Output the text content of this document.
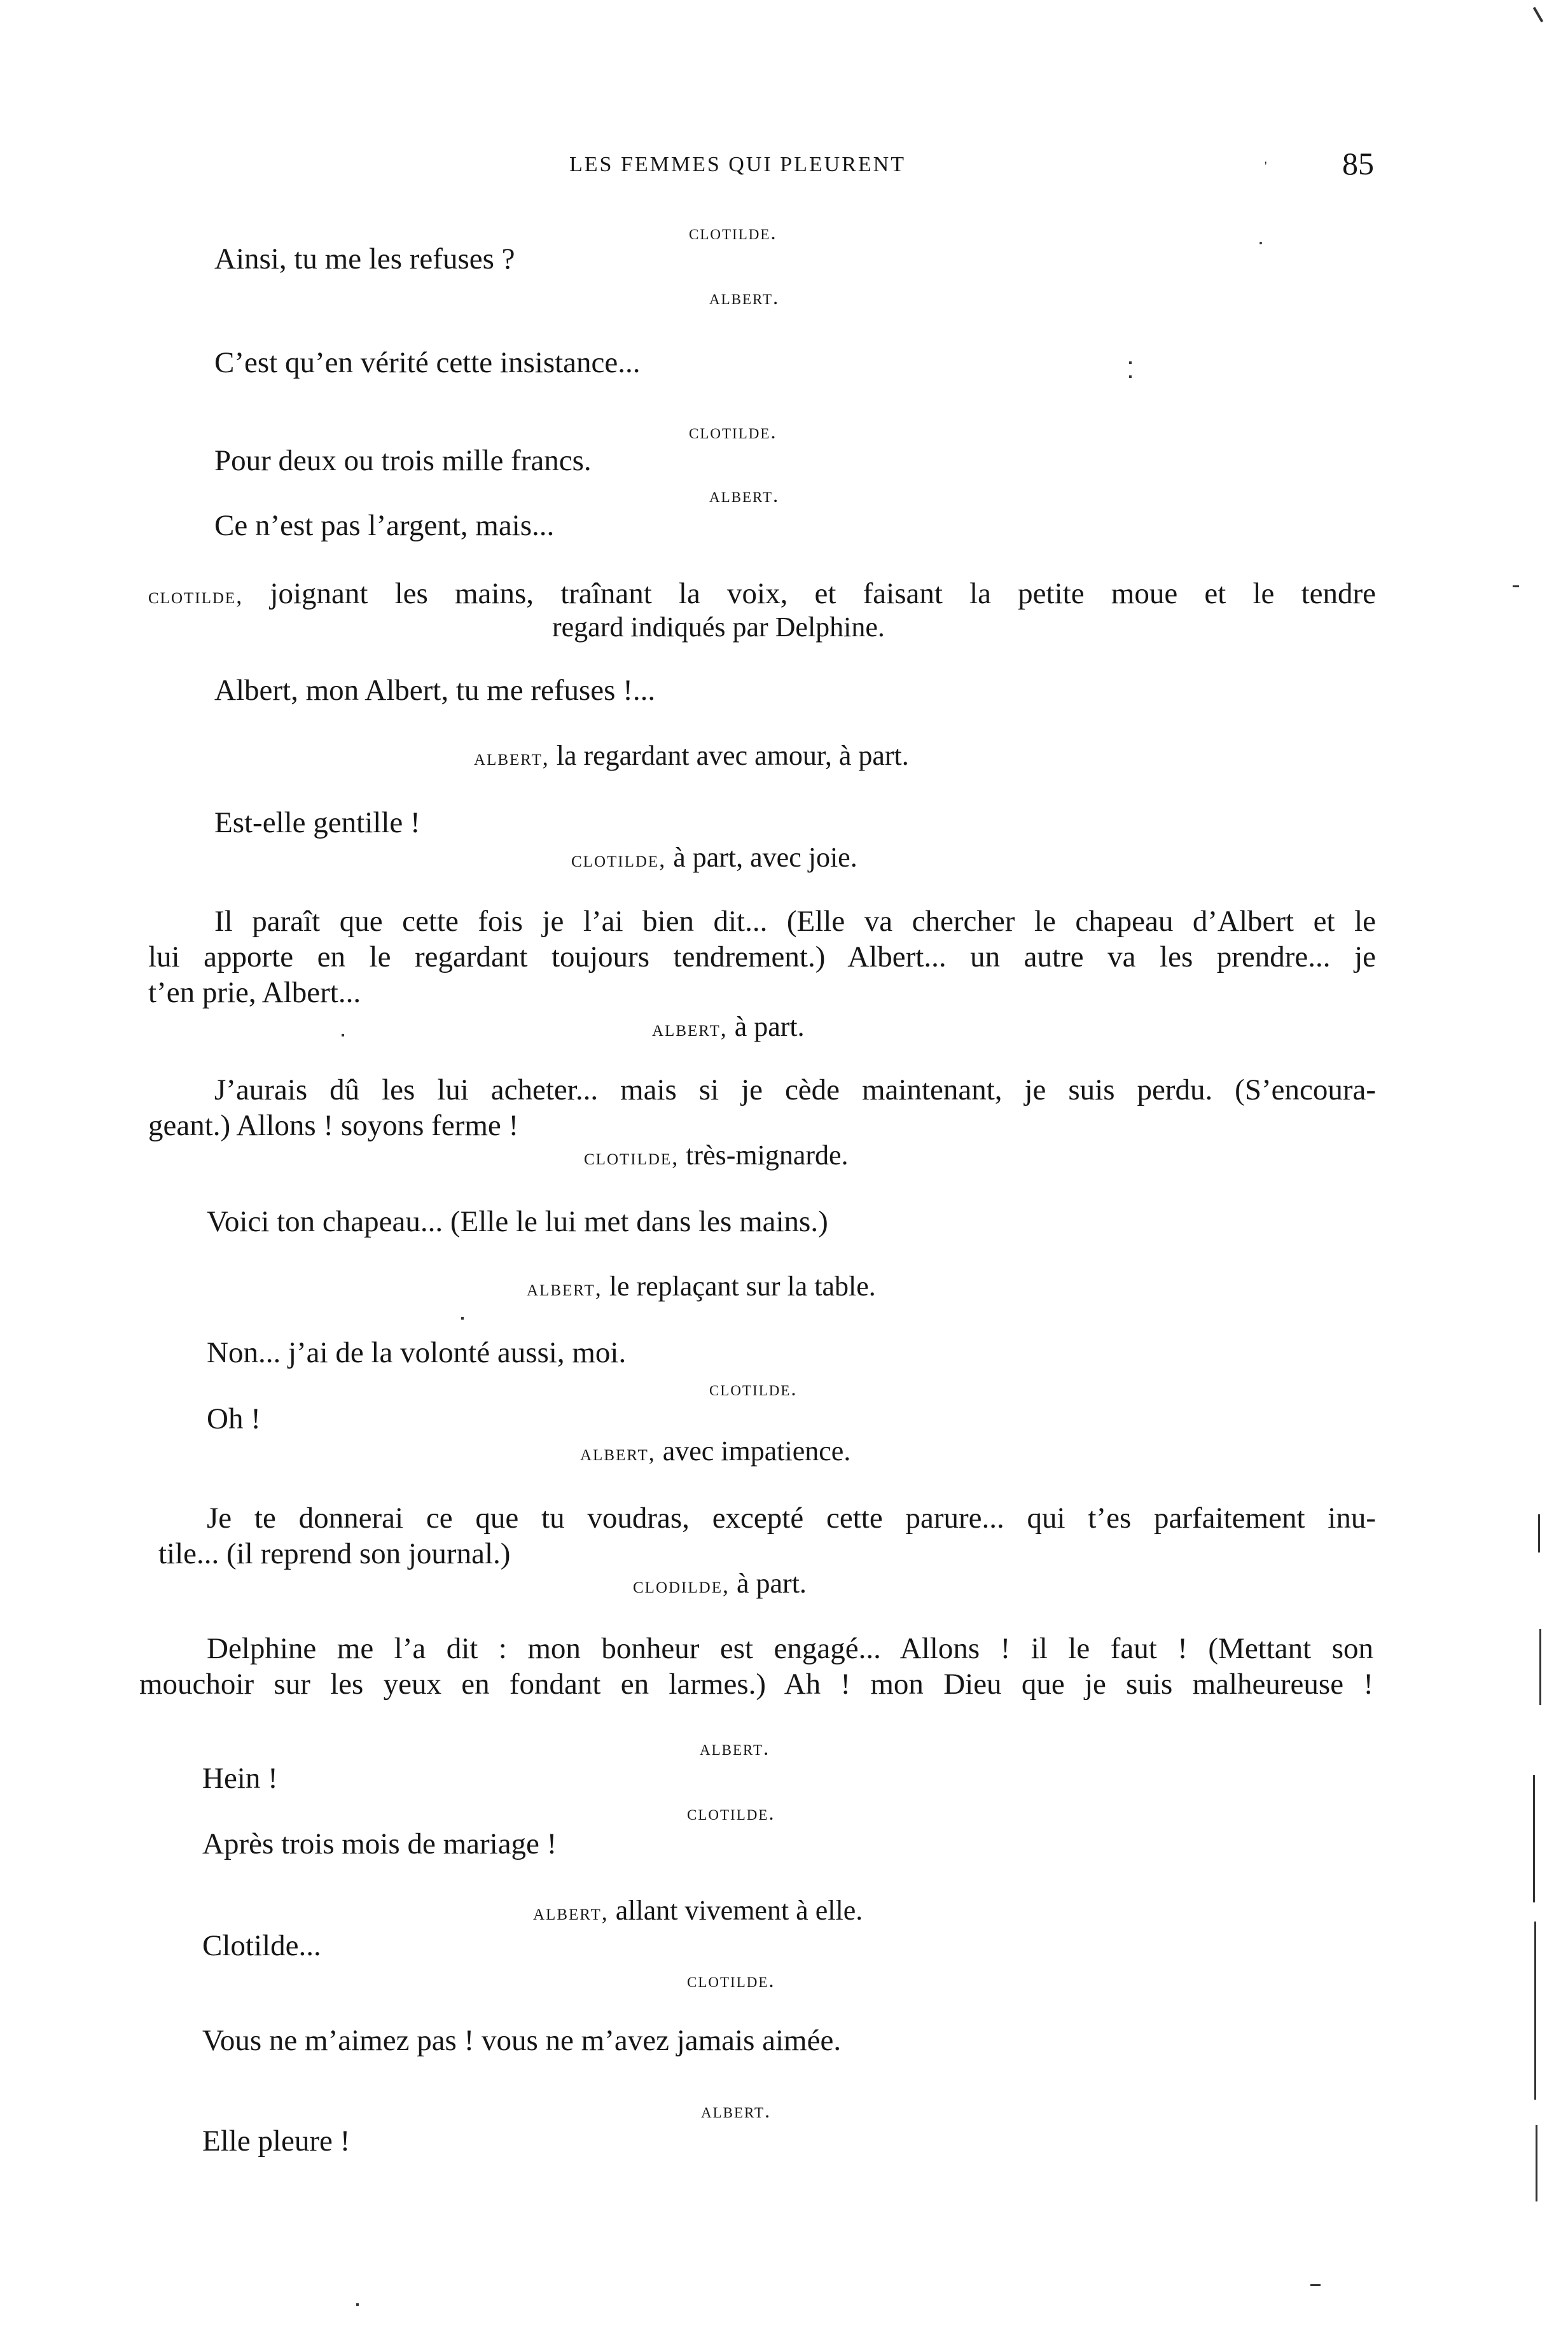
LES FEMMES QUI PLEURENT	' 85
clotilde.
Ainsi, tu me les refuses ?
albert.
C’est qu’en vérité cette insistance...
clotilde.
Pour deux ou trois mille francs.
albert.
Ce n’est pas l’argent, mais...
clotilde, joignant les mains, traînant la voix, et faisant la petite moue et le tendre
regard indiqués par Delphine.
Albert, mon Albert, tu me refuses !...
albert, la regardant avec amour, à part.
Est-elle gentille !
clotilde, à part, avec joie.
Il paraît que cette fois je l’ai bien dit... (Elle va chercher le chapeau d’Albert et le
lui apporte en le regardant toujours tendrement.) Albert... un autre va les prendre... je
t’en prie, Albert...
albert, à part.
J’aurais dû les lui acheter... mais si je cède maintenant, je suis perdu. (S’encoura-
geant.) Allons ! soyons ferme !
clotilde, très-mignarde.
Voici ton chapeau... (Elle le lui met dans les mains.)
albert, le replaçant sur la table.
Non... j’ai de la volonté aussi, moi.
clotilde.
Oh !
albert, avec impatience.
Je te donnerai ce que tu voudras, excepté cette parure... qui t’es parfaitement inu-
tile... (il reprend son journal.)
clodilde, à part.
Delphine me l’a dit : mon bonheur est engagé... Allons ! il le faut ! (Mettant son
mouchoir sur les yeux en fondant en larmes.) Ah ! mon Dieu que je suis malheureuse !
albert.
Hein !
clotilde.
Après trois mois de mariage !
albert, allant vivement à elle.
Clotilde...
clotilde.
Vous ne m’aimez pas ! vous ne m’avez jamais aimée.
albert.
Elle pleure !
